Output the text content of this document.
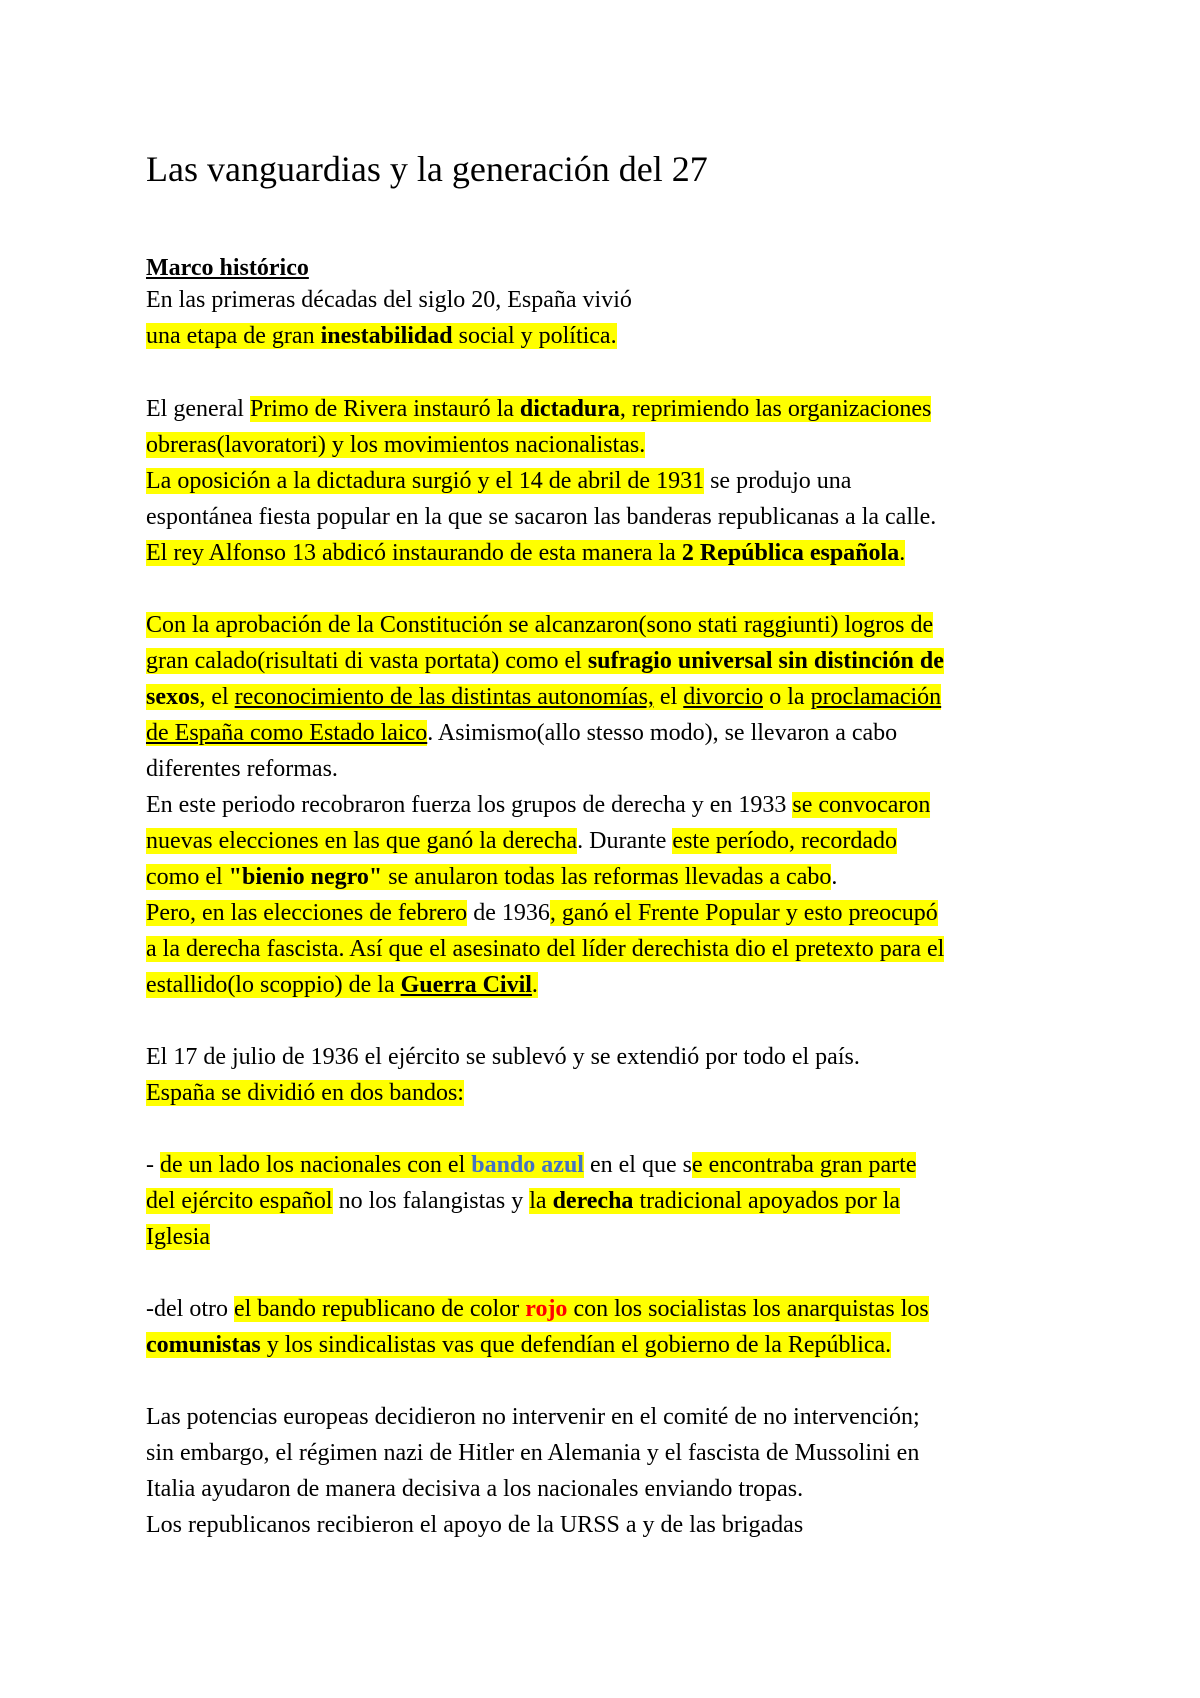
Las vanguardias y la generación del 27
Marco histórico
En las primeras décadas del siglo 20, España vivió
una etapa de gran inestabilidad social y política.
El general Primo de Rivera instauró la dictadura, reprimiendo las organizaciones
obreras(lavoratori) y los movimientos nacionalistas.
La oposición a la dictadura surgió y el 14 de abril de 1931 se produjo una
espontánea fiesta popular en la que se sacaron las banderas republicanas a la calle.
El rey Alfonso 13 abdicó instaurando de esta manera la 2 República española.
Con la aprobación de la Constitución se alcanzaron(sono stati raggiunti) logros de
gran calado(risultati di vasta portata) como el sufragio universal sin distinción de
sexos, el reconocimiento de las distintas autonomías, el divorcio o la proclamación
de España como Estado laico. Asimismo(allo stesso modo), se llevaron a cabo
diferentes reformas.
En este periodo recobraron fuerza los grupos de derecha y en 1933 se convocaron
nuevas elecciones en las que ganó la derecha. Durante este período, recordado
como el "bienio negro" se anularon todas las reformas llevadas a cabo.
Pero, en las elecciones de febrero de 1936, ganó el Frente Popular y esto preocupó
a la derecha fascista. Así que el asesinato del líder derechista dio el pretexto para el
estallido(lo scoppio) de la Guerra Civil.
El 17 de julio de 1936 el ejército se sublevó y se extendió por todo el país.
España se dividió en dos bandos:
- de un lado los nacionales con el bando azul en el que se encontraba gran parte
del ejército español no los falangistas y la derecha tradicional apoyados por la
Iglesia
-del otro el bando republicano de color rojo con los socialistas los anarquistas los
comunistas y los sindicalistas vas que defendían el gobierno de la República.
Las potencias europeas decidieron no intervenir en el comité de no intervención;
sin embargo, el régimen nazi de Hitler en Alemania y el fascista de Mussolini en
Italia ayudaron de manera decisiva a los nacionales enviando tropas.
Los republicanos recibieron el apoyo de la URSS a y de las brigadas
